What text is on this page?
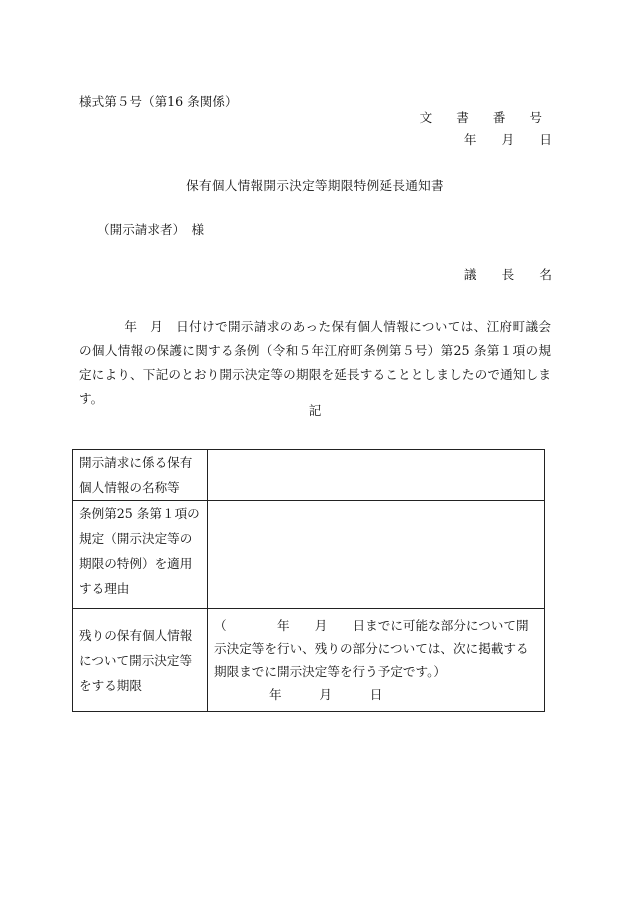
様式第５号（第16 条関係）

文 書 番 号

年　　月　　日

保有個人情報開示決定等期限特例延長通知書

（開示請求者）　様

議　　長　　名

年　月　日付けで開示請求のあった保有個人情報については、江府町議会の個人情報の保護に関する条例（令和５年江府町条例第５号）第25 条第１項の規定により、下記のとおり開示決定等の期限を延長することとしましたので通知します。

記

開示請求に係る保有個人情報の名称等	
条例第25 条第１項の規定（開示決定等の期限の特例）を適用する理由	
残りの保有個人情報について開示決定等をする期限	（　　　　年　　月　　日までに可能な部分について開示決定等を行い、残りの部分については、次に掲載する期限までに開示決定等を行う予定です。）
年　　　月　　　日
